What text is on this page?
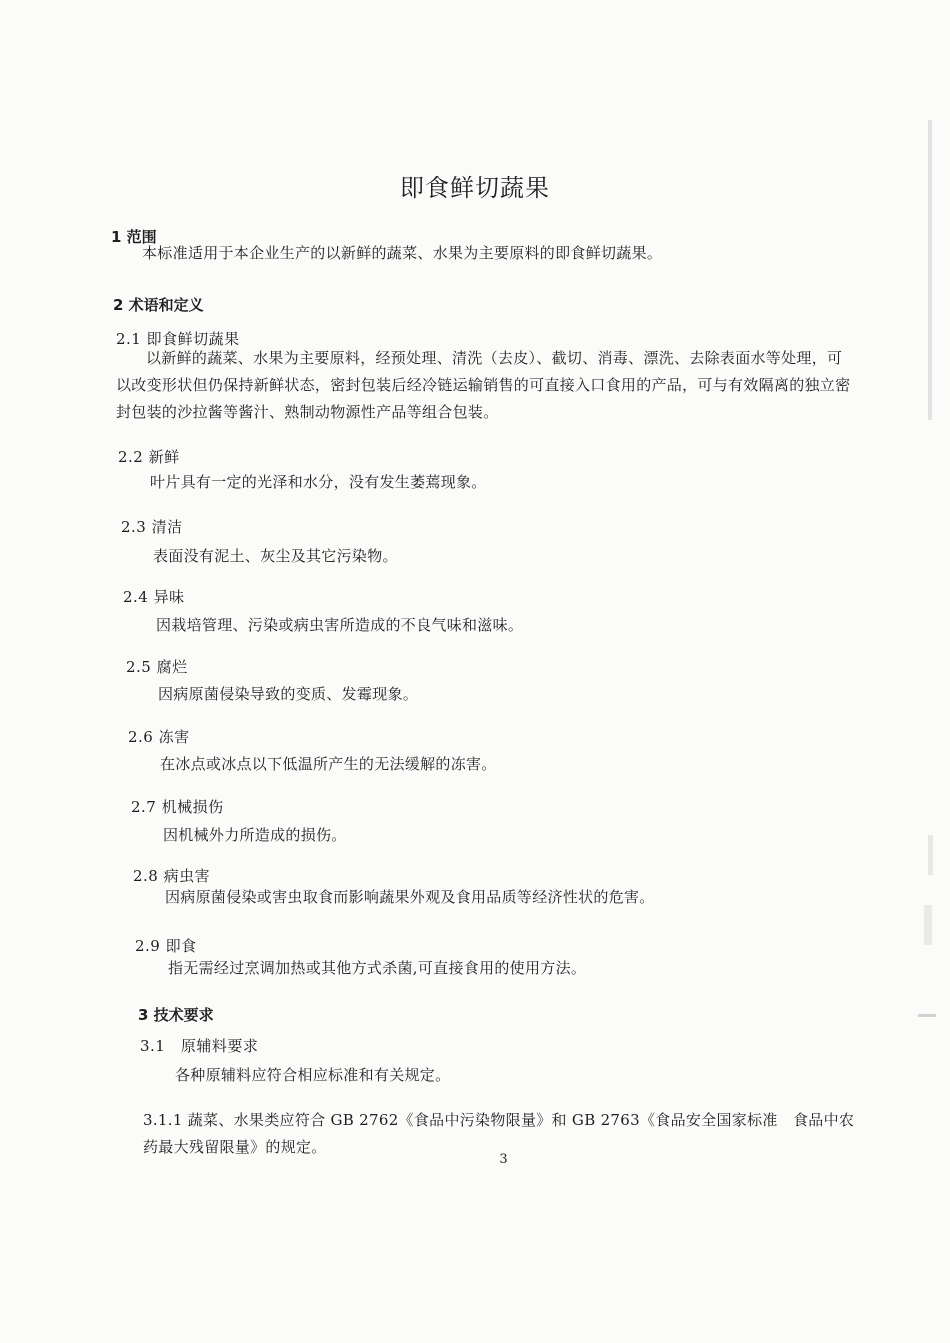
即食鲜切蔬果
1 范围
本标准适用于本企业生产的以新鲜的蔬菜、水果为主要原料的即食鲜切蔬果。
2 术语和定义
2.1 即食鲜切蔬果
以新鲜的蔬菜、水果为主要原料，经预处理、清洗（去皮）、截切、消毒、漂洗、去除表面水等处理，可以改变形状但仍保持新鲜状态，密封包装后经冷链运输销售的可直接入口食用的产品，可与有效隔离的独立密封包装的沙拉酱等酱汁、熟制动物源性产品等组合包装。
2.2 新鲜
叶片具有一定的光泽和水分，没有发生萎蔫现象。
2.3 清洁
表面没有泥土、灰尘及其它污染物。
2.4 异味
因栽培管理、污染或病虫害所造成的不良气味和滋味。
2.5 腐烂
因病原菌侵染导致的变质、发霉现象。
2.6 冻害
在冰点或冰点以下低温所产生的无法缓解的冻害。
2.7 机械损伤
因机械外力所造成的损伤。
2.8 病虫害
因病原菌侵染或害虫取食而影响蔬果外观及食用品质等经济性状的危害。
2.9 即食
指无需经过烹调加热或其他方式杀菌,可直接食用的使用方法。
3 技术要求
3.1　原辅料要求
各种原辅料应符合相应标准和有关规定。
3.1.1 蔬菜、水果类应符合 GB 2762《食品中污染物限量》和 GB 2763《食品安全国家标准　食品中农药最大残留限量》的规定。
3
